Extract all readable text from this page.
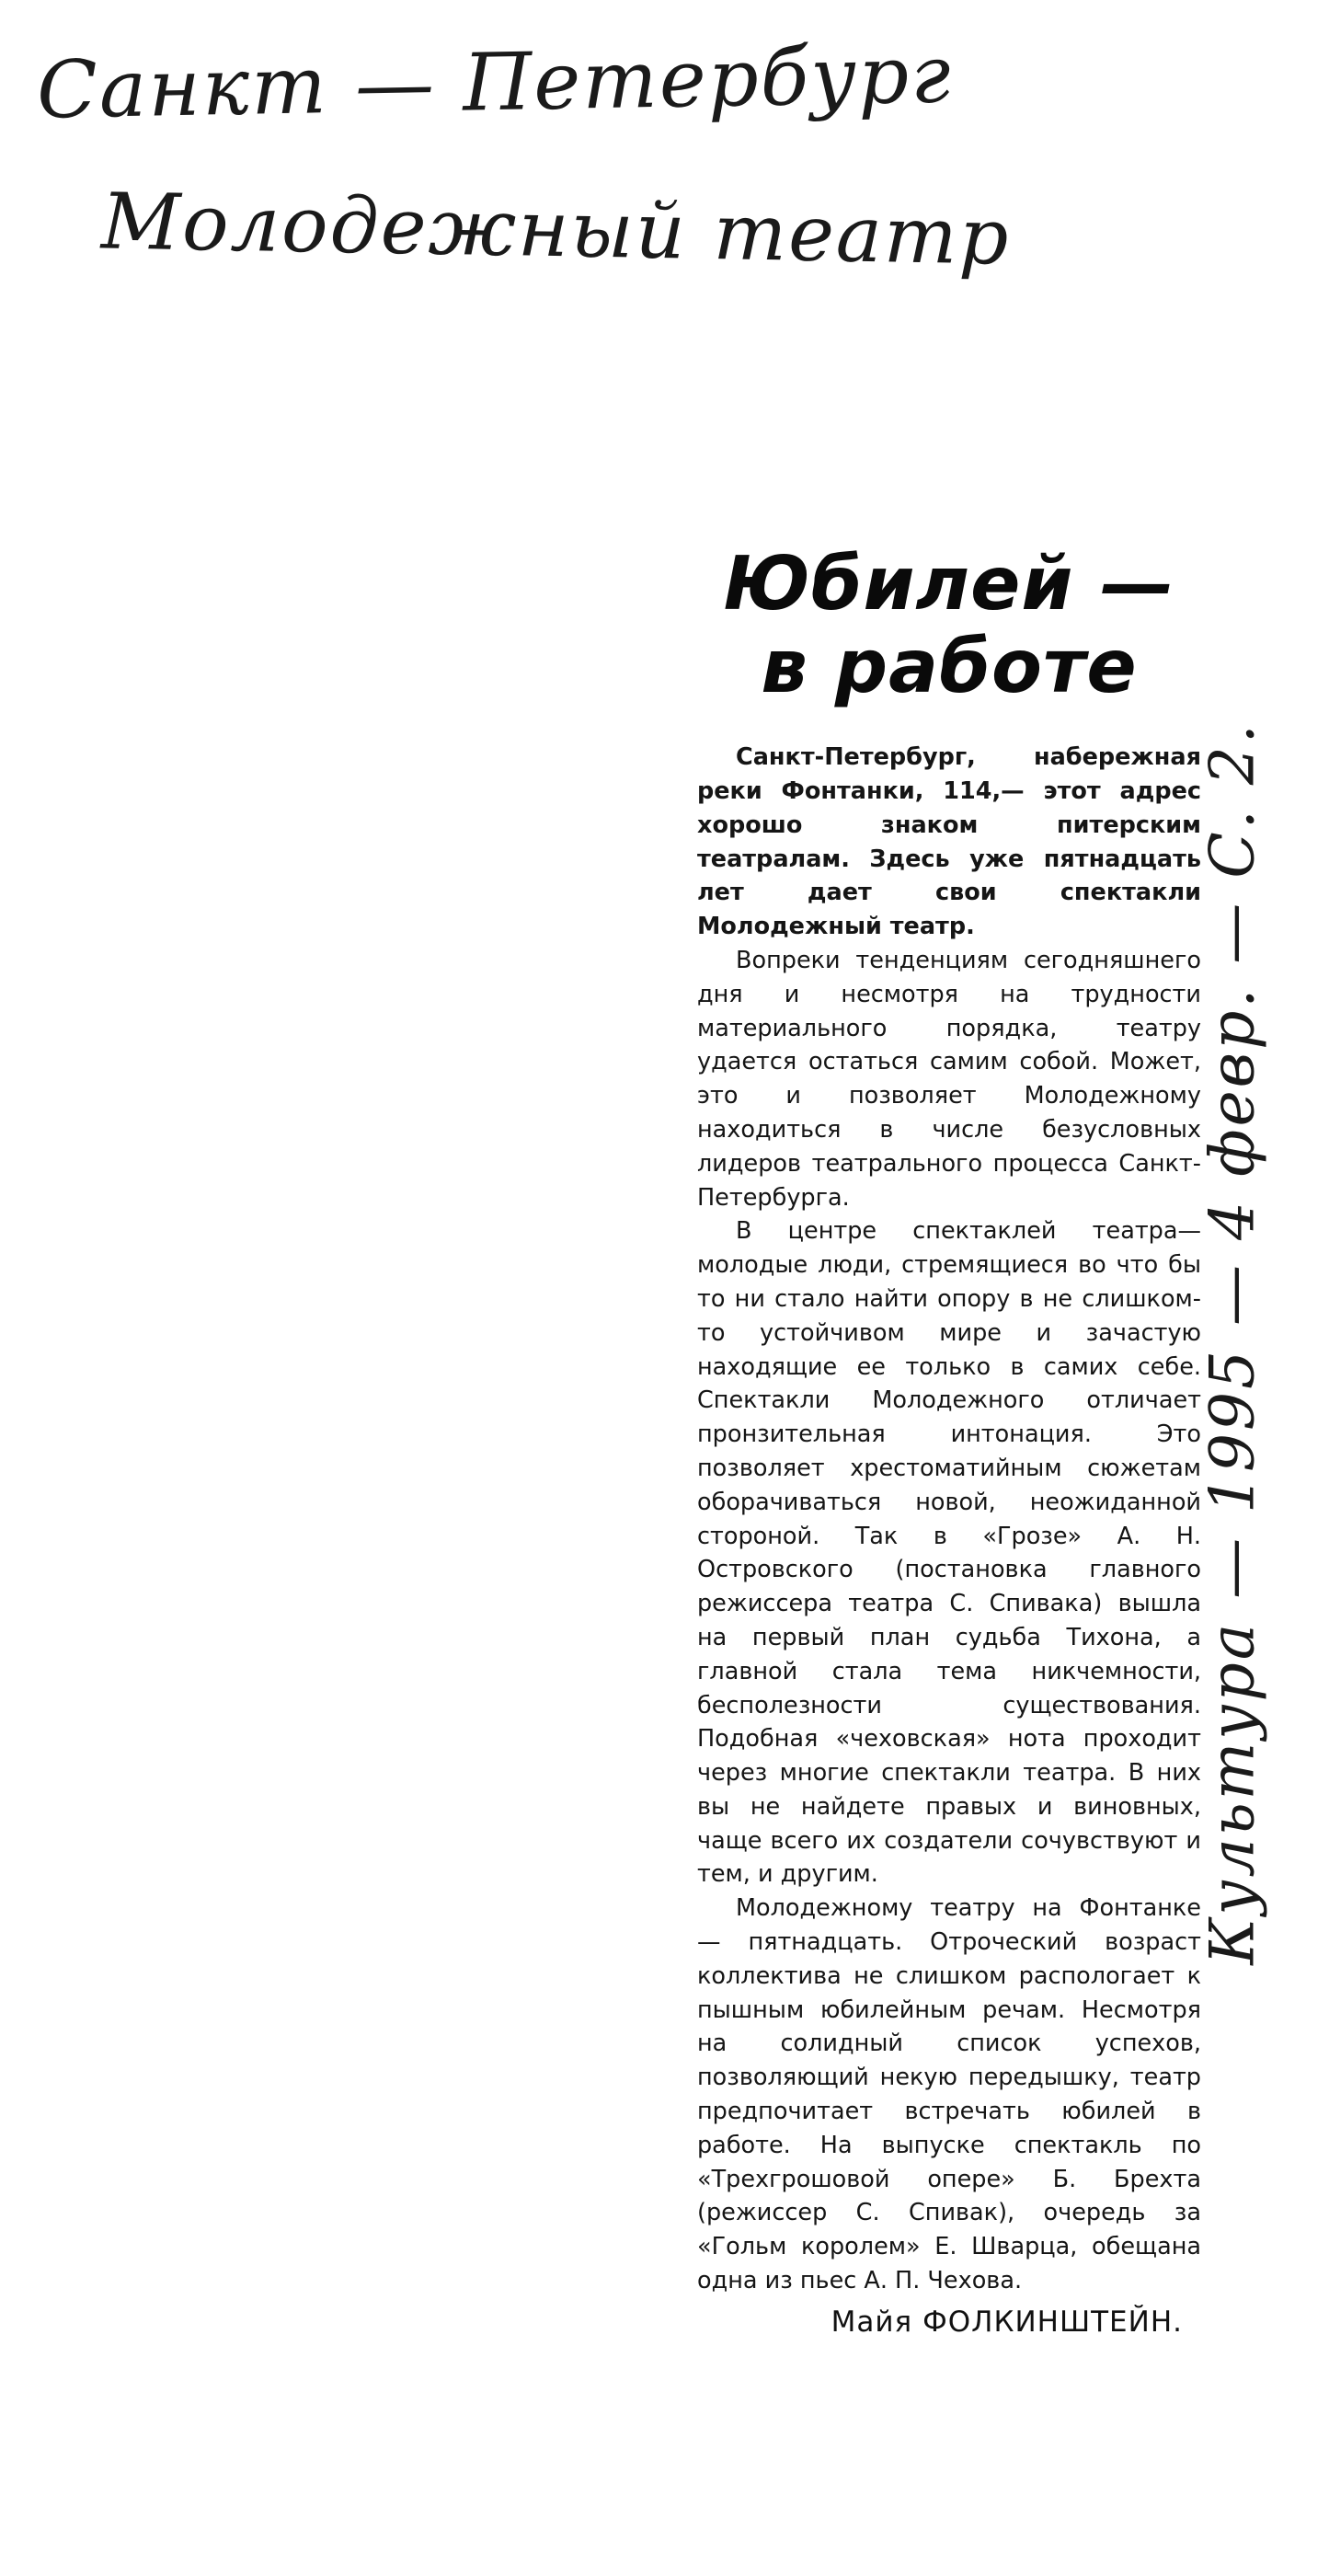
Санкт — Петербург

Молодежный театр

Культура — 1995 — 4 февр. — С. 2.

Юбилей —
в работе

Санкт-Петербург, набережная реки Фонтанки, 114,— этот адрес хорошо знаком питерским театралам. Здесь уже пятнадцать лет дает свои спектакли Молодежный театр.

Вопреки тенденциям сегодняшнего дня и несмотря на трудности материального порядка, театру удается остаться самим собой. Может, это и позволяет Молодежному находиться в числе безусловных лидеров театрального процесса Санкт-Петербурга.

В центре спектаклей театра— молодые люди, стремящиеся во что бы то ни стало найти опору в не слишком-то устойчивом мире и зачастую находящие ее только в самих себе. Спектакли Молодежного отличает пронзительная интонация. Это позволяет хрестоматийным сюжетам оборачиваться новой, неожиданной стороной. Так в «Грозе» А. Н. Островского (постановка главного режиссера театра С. Спивака) вышла на первый план судьба Тихона, а главной стала тема никчемности, бесполезности существования. Подобная «чеховская» нота проходит через многие спектакли театра. В них вы не найдете правых и виновных, чаще всего их создатели сочувствуют и тем, и другим.

Молодежному театру на Фонтанке — пятнадцать. Отроческий возраст коллектива не слишком распологает к пышным юбилейным речам. Несмотря на солидный список успехов, позволяющий некую передышку, театр предпочитает встречать юбилей в работе. На выпуске спектакль по «Трехгрошовой опере» Б. Брехта (режиссер С. Спивак), очередь за «Гольм королем» Е. Шварца, обещана одна из пьес А. П. Чехова.

Майя ФОЛКИНШТЕЙН.
